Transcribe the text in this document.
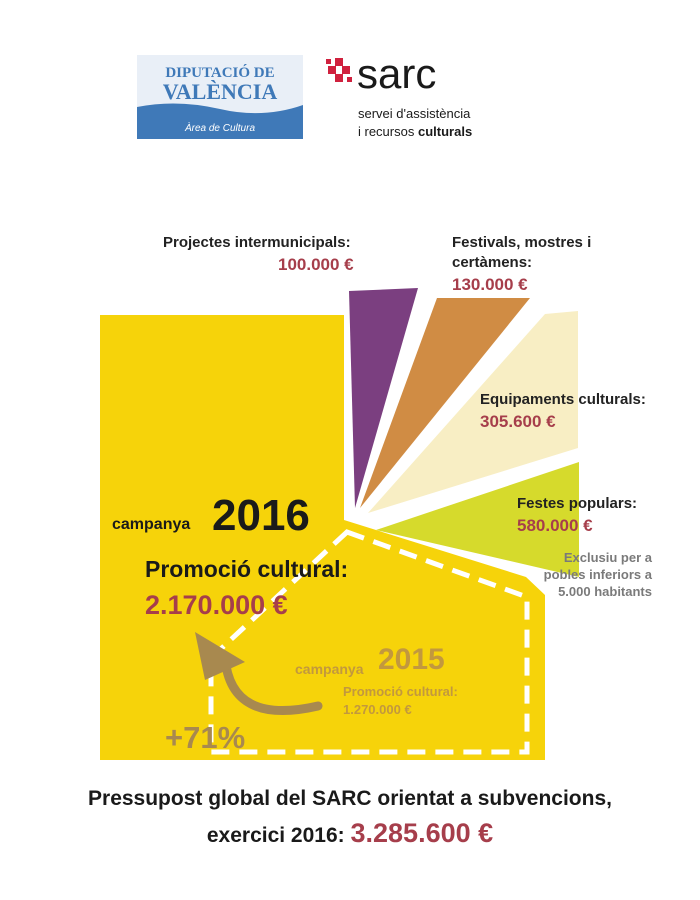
DIPUTACIÓ DE
VALÈNCIA
Àrea de Cultura
sarc
servei d'assistència
i recursos culturals
Projectes intermunicipals:
100.000 €
Festivals, mostres i
certàmens:
130.000 €
Equipaments culturals:
305.600 €
Festes populars:
580.000 €
Exclusiu per a
pobles inferiors a
5.000 habitants
campanya 2016
Promoció cultural:
2.170.000 €
campanya 2015
Promoció cultural:
1.270.000 €
+71%
Pressupost global del SARC orientat a subvencions,
exercici 2016: 3.285.600 €
